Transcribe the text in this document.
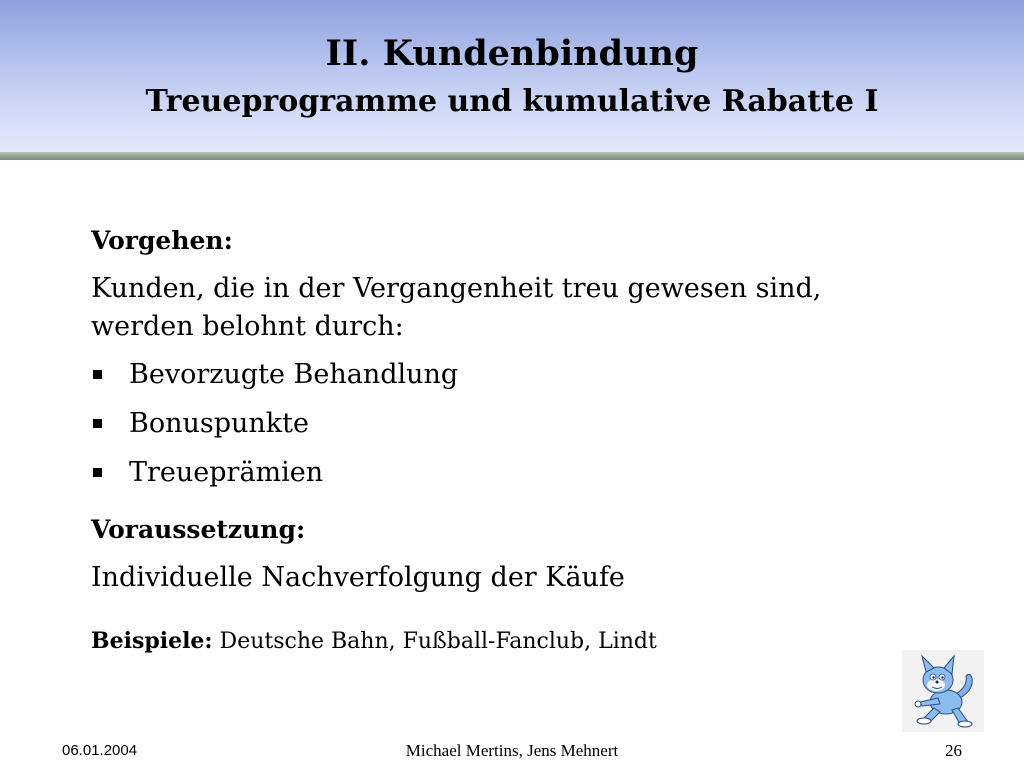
II. Kundenbindung
Treueprogramme und kumulative Rabatte I

Vorgehen:

Kunden, die in der Vergangenheit treu gewesen sind, werden belohnt durch:

Bevorzugte Behandlung
Bonuspunkte
Treueprämien

Voraussetzung:

Individuelle Nachverfolgung der Käufe

Beispiele: Deutsche Bahn, Fußball-Fanclub, Lindt

06.01.2004	Michael Mertins, Jens Mehnert	26
